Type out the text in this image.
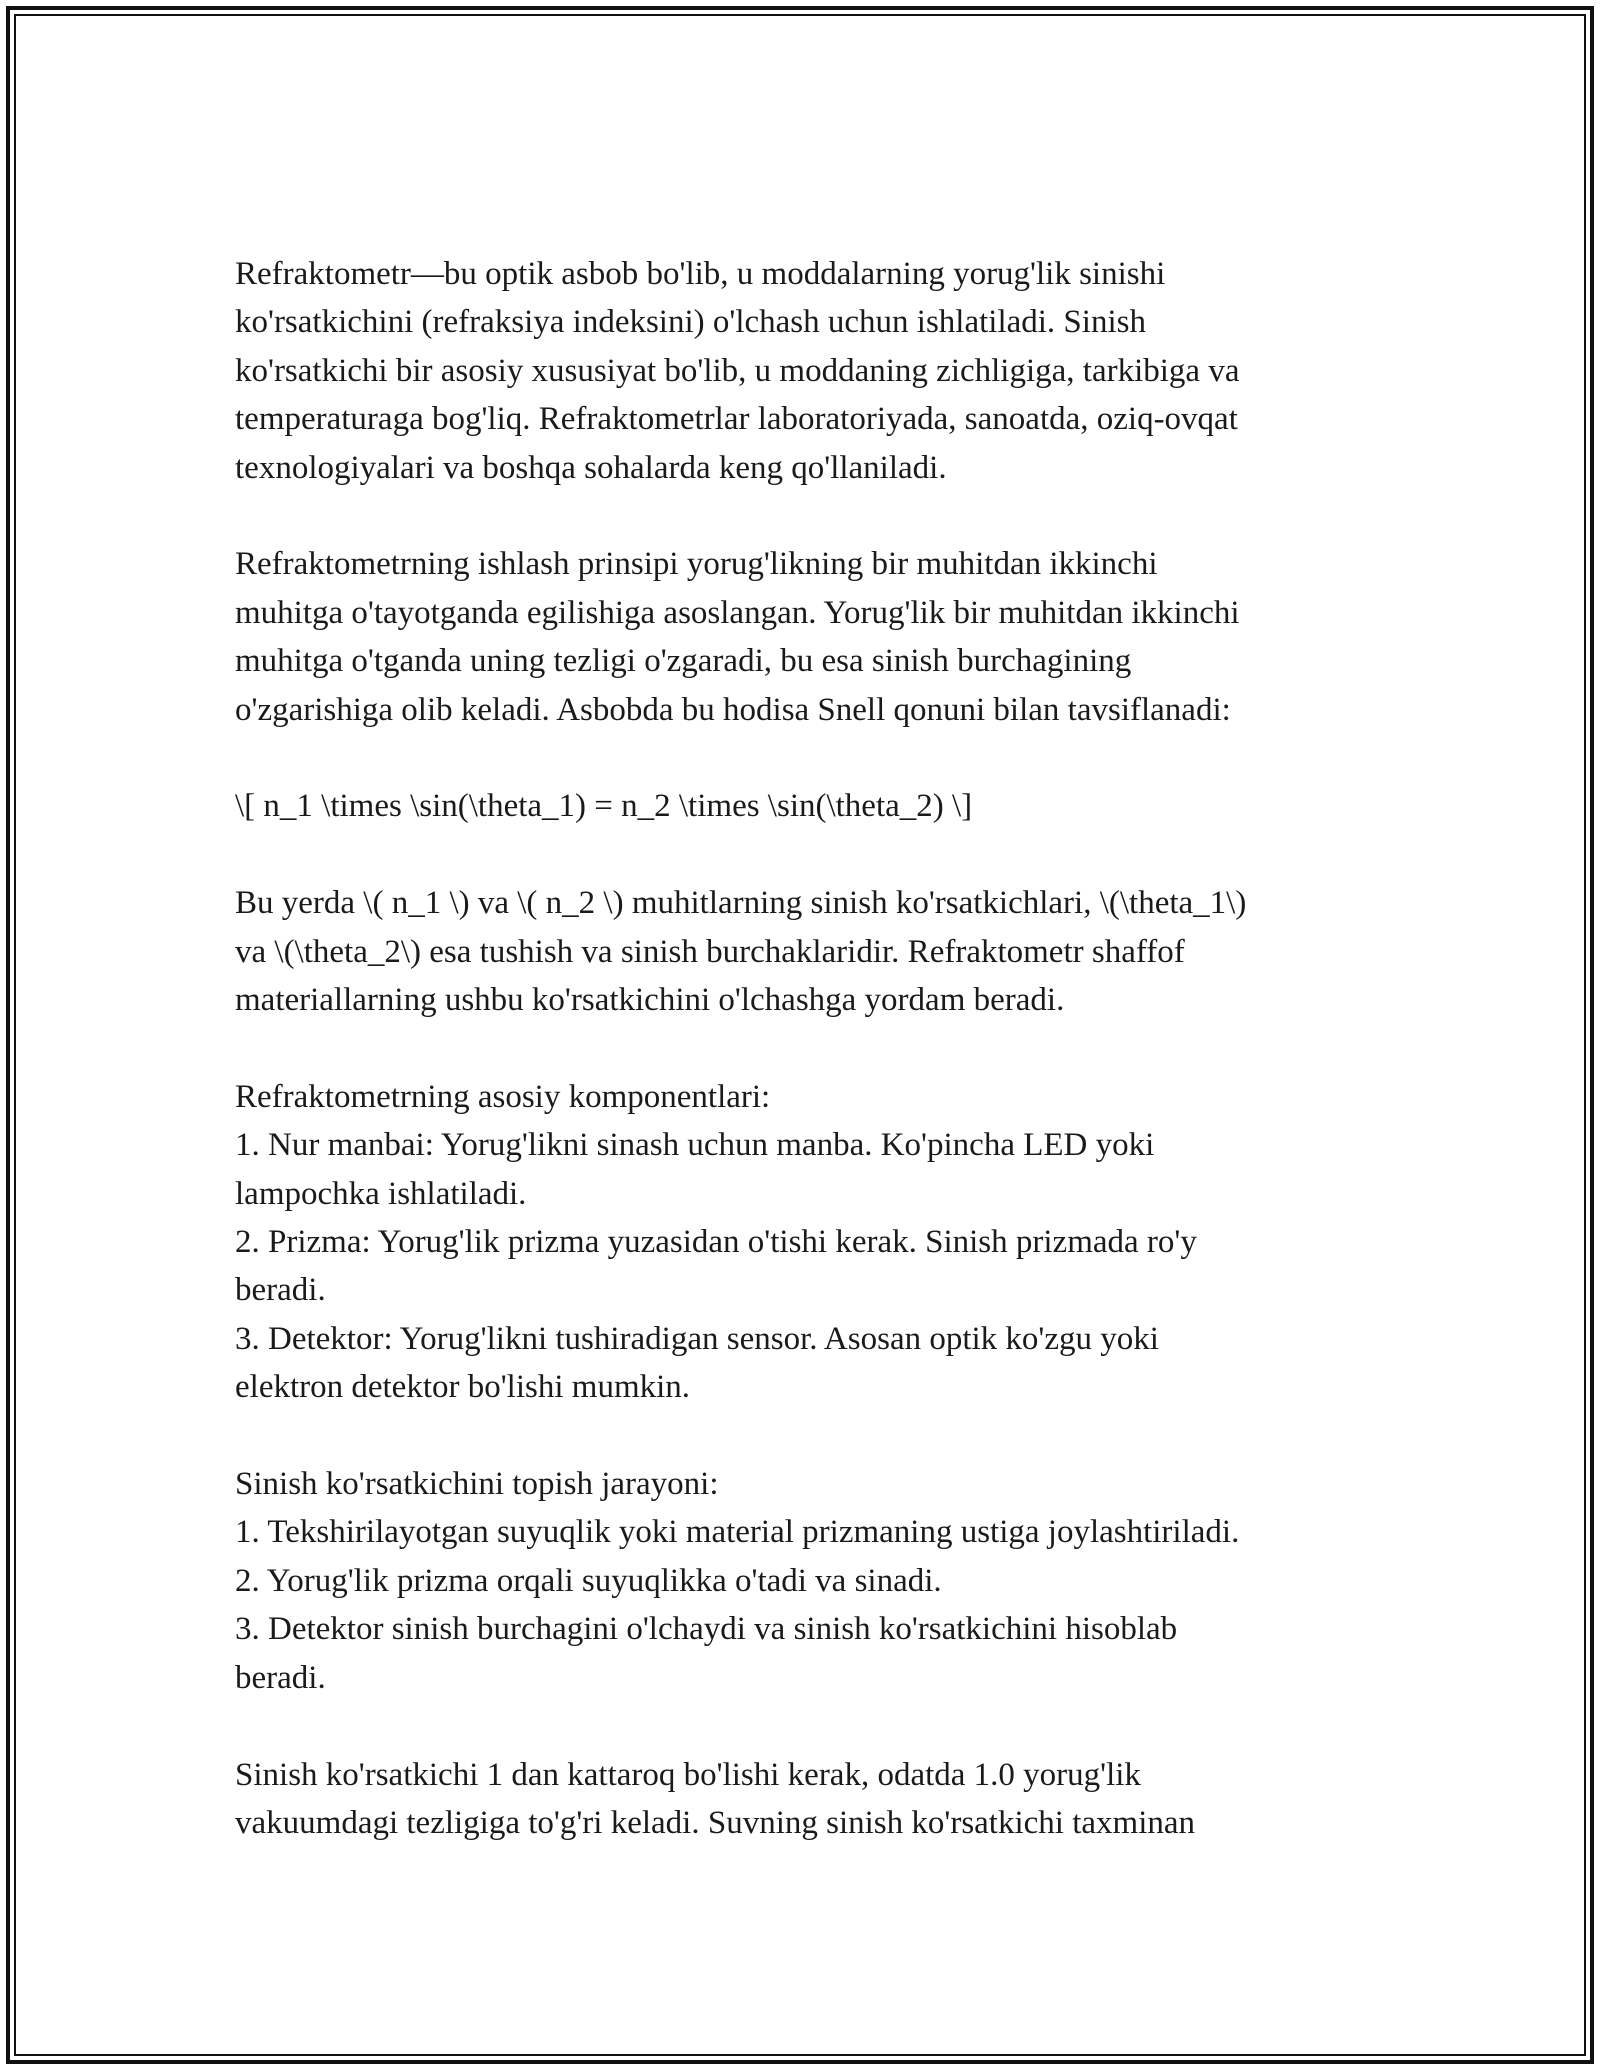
Refraktometr—bu optik asbob bo'lib, u moddalarning yorug'lik sinishi
ko'rsatkichini (refraksiya indeksini) o'lchash uchun ishlatiladi. Sinish
ko'rsatkichi bir asosiy xususiyat bo'lib, u moddaning zichligiga, tarkibiga va
temperaturaga bog'liq. Refraktometrlar laboratoriyada, sanoatda, oziq-ovqat
texnologiyalari va boshqa sohalarda keng qo'llaniladi.
Refraktometrning ishlash prinsipi yorug'likning bir muhitdan ikkinchi
muhitga o'tayotganda egilishiga asoslangan. Yorug'lik bir muhitdan ikkinchi
muhitga o'tganda uning tezligi o'zgaradi, bu esa sinish burchagining
o'zgarishiga olib keladi. Asbobda bu hodisa Snell qonuni bilan tavsiflanadi:
\[ n_1 \times \sin(\theta_1) = n_2 \times \sin(\theta_2) \]
Bu yerda \( n_1 \) va \( n_2 \) muhitlarning sinish ko'rsatkichlari, \(\theta_1\)
va \(\theta_2\) esa tushish va sinish burchaklaridir. Refraktometr shaffof
materiallarning ushbu ko'rsatkichini o'lchashga yordam beradi.
Refraktometrning asosiy komponentlari:
1. Nur manbai: Yorug'likni sinash uchun manba. Ko'pincha LED yoki
lampochka ishlatiladi.
2. Prizma: Yorug'lik prizma yuzasidan o'tishi kerak. Sinish prizmada ro'y
beradi.
3. Detektor: Yorug'likni tushiradigan sensor. Asosan optik ko'zgu yoki
elektron detektor bo'lishi mumkin.
Sinish ko'rsatkichini topish jarayoni:
1. Tekshirilayotgan suyuqlik yoki material prizmaning ustiga joylashtiriladi.
2. Yorug'lik prizma orqali suyuqlikka o'tadi va sinadi.
3. Detektor sinish burchagini o'lchaydi va sinish ko'rsatkichini hisoblab
beradi.
Sinish ko'rsatkichi 1 dan kattaroq bo'lishi kerak, odatda 1.0 yorug'lik
vakuumdagi tezligiga to'g'ri keladi. Suvning sinish ko'rsatkichi taxminan
